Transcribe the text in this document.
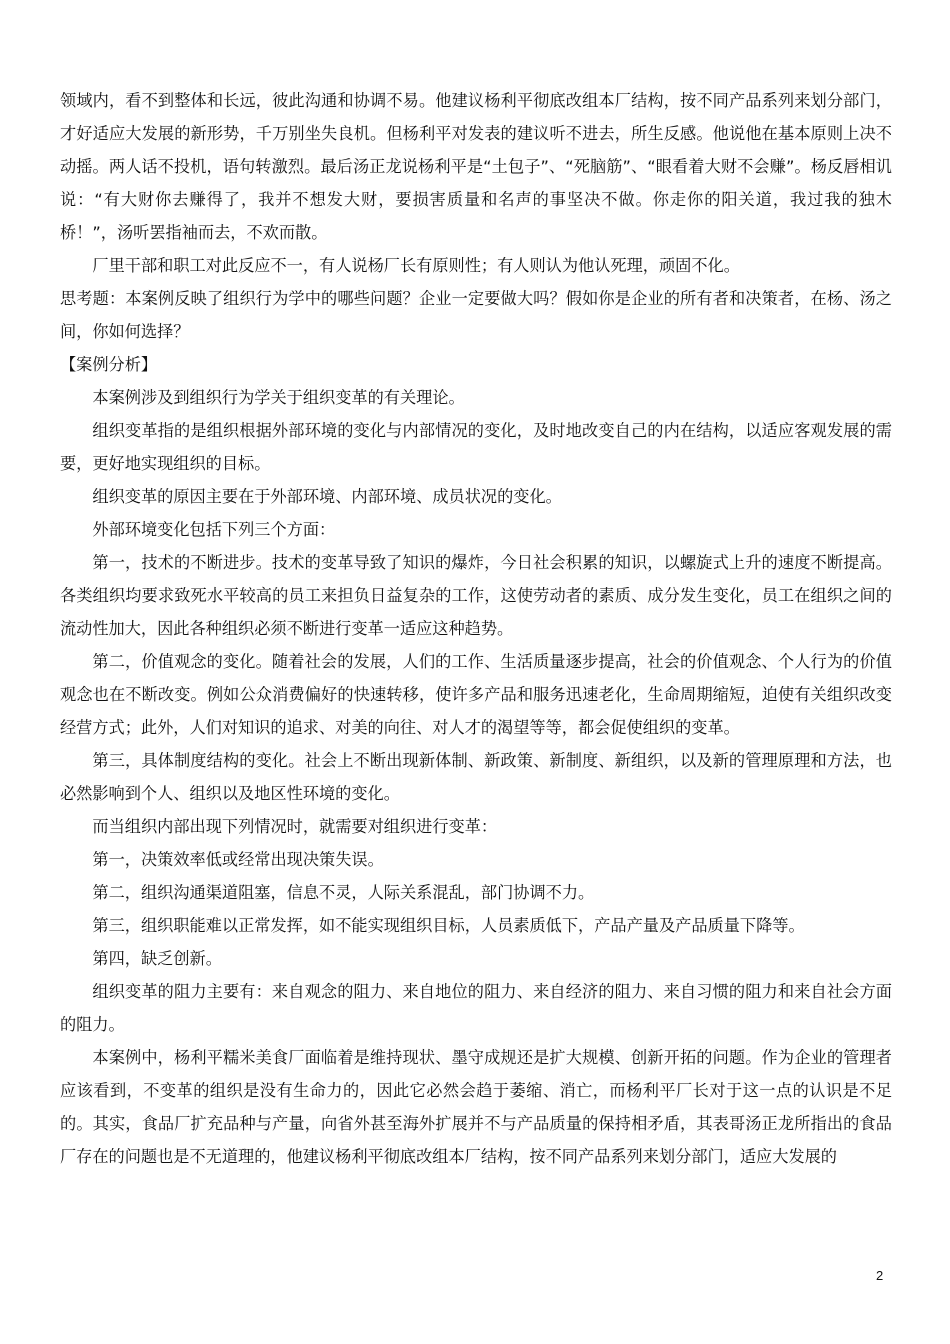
领域内，看不到整体和长远，彼此沟通和协调不易。他建议杨利平彻底改组本厂结构，按不同产品系列来划分部门，才好适应大发展的新形势，千万别坐失良机。但杨利平对发表的建议听不进去，所生反感。他说他在基本原则上决不动摇。两人话不投机，语句转激烈。最后汤正龙说杨利平是“土包子”、“死脑筋”、“眼看着大财不会赚”。杨反唇相讥说：“有大财你去赚得了，我并不想发大财，要损害质量和名声的事坚决不做。你走你的阳关道，我过我的独木桥！”，汤听罢指袖而去，不欢而散。

厂里干部和职工对此反应不一，有人说杨厂长有原则性；有人则认为他认死理，顽固不化。

思考题：本案例反映了组织行为学中的哪些问题？企业一定要做大吗？假如你是企业的所有者和决策者，在杨、汤之间，你如何选择？

【案例分析】

本案例涉及到组织行为学关于组织变革的有关理论。

组织变革指的是组织根据外部环境的变化与内部情况的变化，及时地改变自己的内在结构，以适应客观发展的需要，更好地实现组织的目标。

组织变革的原因主要在于外部环境、内部环境、成员状况的变化。

外部环境变化包括下列三个方面：

第一，技术的不断进步。技术的变革导致了知识的爆炸，今日社会积累的知识，以螺旋式上升的速度不断提高。各类组织均要求致死水平较高的员工来担负日益复杂的工作，这使劳动者的素质、成分发生变化，员工在组织之间的流动性加大，因此各种组织必须不断进行变革一适应这种趋势。

第二，价值观念的变化。随着社会的发展，人们的工作、生活质量逐步提高，社会的价值观念、个人行为的价值观念也在不断改变。例如公众消费偏好的快速转移，使许多产品和服务迅速老化，生命周期缩短，迫使有关组织改变经营方式；此外，人们对知识的追求、对美的向往、对人才的渴望等等，都会促使组织的变革。

第三，具体制度结构的变化。社会上不断出现新体制、新政策、新制度、新组织，以及新的管理原理和方法，也必然影响到个人、组织以及地区性环境的变化。

而当组织内部出现下列情况时，就需要对组织进行变革：

第一，决策效率低或经常出现决策失误。

第二，组织沟通渠道阻塞，信息不灵，人际关系混乱，部门协调不力。

第三，组织职能难以正常发挥，如不能实现组织目标，人员素质低下，产品产量及产品质量下降等。

第四，缺乏创新。

组织变革的阻力主要有：来自观念的阻力、来自地位的阻力、来自经济的阻力、来自习惯的阻力和来自社会方面的阻力。

本案例中，杨利平糯米美食厂面临着是维持现状、墨守成规还是扩大规模、创新开拓的问题。作为企业的管理者应该看到，不变革的组织是没有生命力的，因此它必然会趋于萎缩、消亡，而杨利平厂长对于这一点的认识是不足的。其实，食品厂扩充品种与产量，向省外甚至海外扩展并不与产品质量的保持相矛盾，其表哥汤正龙所指出的食品厂存在的问题也是不无道理的，他建议杨利平彻底改组本厂结构，按不同产品系列来划分部门，适应大发展的

2
